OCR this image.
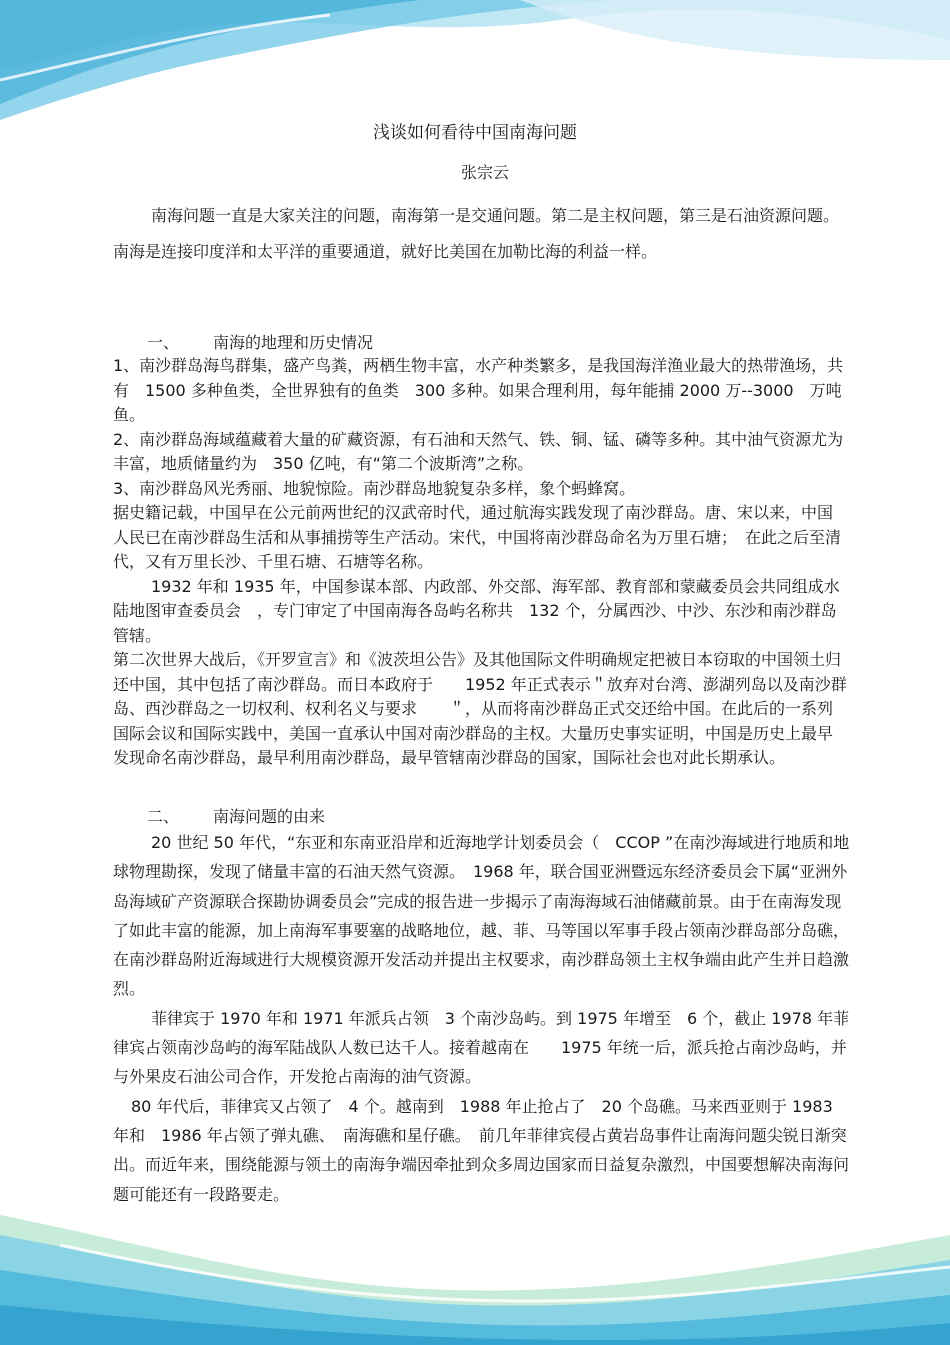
浅谈如何看待中国南海问题
张宗云

南海问题一直是大家关注的问题，南海第一是交通问题。第二是主权问题，第三是石油资源问题。南海是连接印度洋和太平洋的重要通道，就好比美国在加勒比海的利益一样。

一、 南海的地理和历史情况

1、南沙群岛海鸟群集，盛产鸟粪，两栖生物丰富，水产种类繁多，是我国海洋渔业最大的热带渔场，共有　1500 多种鱼类，全世界独有的鱼类　300 多种。如果合理利用，每年能捕 2000 万--3000　万吨鱼。

2、南沙群岛海域蕴藏着大量的矿藏资源，有石油和天然气、铁、铜、锰、磷等多种。其中油气资源尤为丰富，地质储量约为　350 亿吨，有“第二个波斯湾”之称。

3、南沙群岛风光秀丽、地貌惊险。南沙群岛地貌复杂多样，象个蚂蜂窝。

据史籍记载，中国早在公元前两世纪的汉武帝时代，通过航海实践发现了南沙群岛。唐、宋以来，中国人民已在南沙群岛生活和从事捕捞等生产活动。宋代，中国将南沙群岛命名为万里石塘；　在此之后至清代，又有万里长沙、千里石塘、石塘等名称。

1932 年和 1935 年，中国参谋本部、内政部、外交部、海军部、教育部和蒙藏委员会共同组成水陆地图审查委员会　，专门审定了中国南海各岛屿名称共　132 个，分属西沙、中沙、东沙和南沙群岛管辖。

第二次世界大战后，《开罗宣言》和《波茨坦公告》及其他国际文件明确规定把被日本窃取的中国领土归还中国，其中包括了南沙群岛。而日本政府于　　1952 年正式表示＂放弃对台湾、澎湖列岛以及南沙群岛、西沙群岛之一切权利、权利名义与要求　　＂，从而将南沙群岛正式交还给中国。在此后的一系列国际会议和国际实践中，美国一直承认中国对南沙群岛的主权。大量历史事实证明，中国是历史上最早发现命名南沙群岛，最早利用南沙群岛，最早管辖南沙群岛的国家，国际社会也对此长期承认。

二、 南海问题的由来

20 世纪 50 年代，“东亚和东南亚沿岸和近海地学计划委员会（　CCOP ”在南沙海域进行地质和地球物理勘探，发现了储量丰富的石油天然气资源。　1968 年，联合国亚洲暨远东经济委员会下属“亚洲外岛海域矿产资源联合探勘协调委员会”完成的报告进一步揭示了南海海域石油储藏前景。由于在南海发现了如此丰富的能源，加上南海军事要塞的战略地位，越、菲、马等国以军事手段占领南沙群岛部分岛礁，在南沙群岛附近海域进行大规模资源开发活动并提出主权要求，南沙群岛领土主权争端由此产生并日趋激烈。

菲律宾于 1970 年和 1971 年派兵占领　3 个南沙岛屿。到 1975 年增至　6 个，截止 1978 年菲律宾占领南沙岛屿的海军陆战队人数已达千人。接着越南在　　1975 年统一后，派兵抢占南沙岛屿，并与外果皮石油公司合作，开发抢占南海的油气资源。

80 年代后，菲律宾又占领了　4 个。越南到　1988 年止抢占了　20 个岛礁。马来西亚则于 1983 年和　1986 年占领了弹丸礁、　南海礁和星仔礁。　前几年菲律宾侵占黄岩岛事件让南海问题尖锐日渐突出。而近年来，围绕能源与领土的南海争端因牵扯到众多周边国家而日益复杂激烈，中国要想解决南海问题可能还有一段路要走。
